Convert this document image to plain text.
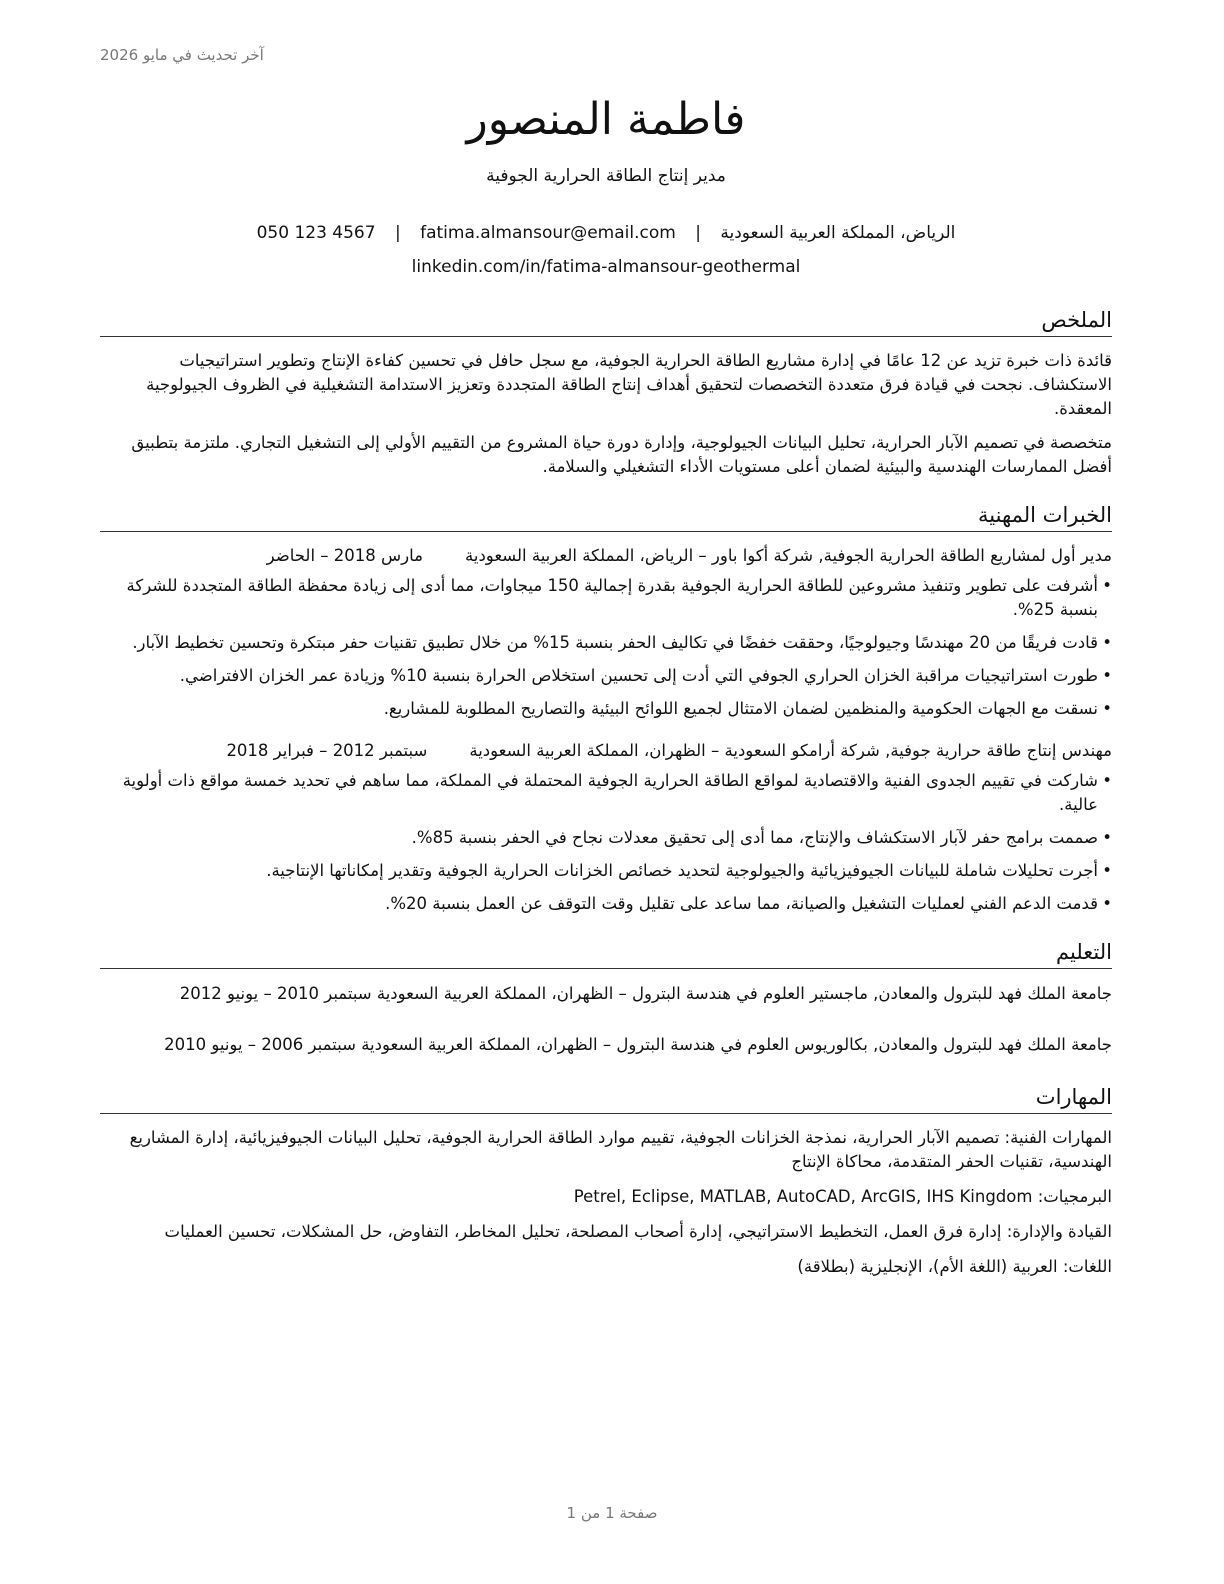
آخر تحديث في مايو 2026
فاطمة المنصور
مدير إنتاج الطاقة الحرارية الجوفية
الرياض، المملكة العربية السعودية | fatima.almansour@email.com | 050 123 4567
linkedin.com/in/fatima-almansour-geothermal
الملخص

قائدة ذات خبرة تزيد عن 12 عامًا في إدارة مشاريع الطاقة الحرارية الجوفية، مع سجل حافل في تحسين كفاءة الإنتاج وتطوير استراتيجيات الاستكشاف. نجحت في قيادة فرق متعددة التخصصات لتحقيق أهداف إنتاج الطاقة المتجددة وتعزيز الاستدامة التشغيلية في الظروف الجيولوجية المعقدة.

متخصصة في تصميم الآبار الحرارية، تحليل البيانات الجيولوجية، وإدارة دورة حياة المشروع من التقييم الأولي إلى التشغيل التجاري. ملتزمة بتطبيق أفضل الممارسات الهندسية والبيئية لضمان أعلى مستويات الأداء التشغيلي والسلامة.

الخبرات المهنية
مدير أول لمشاريع الطاقة الحرارية الجوفية, شركة أكوا باور – الرياض، المملكة العربية السعوديةمارس 2018 – الحاضر
• أشرفت على تطوير وتنفيذ مشروعين للطاقة الحرارية الجوفية بقدرة إجمالية 150 ميجاوات، مما أدى إلى زيادة محفظة الطاقة المتجددة للشركة بنسبة 25%.
• قادت فريقًا من 20 مهندسًا وجيولوجيًا، وحققت خفضًا في تكاليف الحفر بنسبة 15% من خلال تطبيق تقنيات حفر مبتكرة وتحسين تخطيط الآبار.
• طورت استراتيجيات مراقبة الخزان الحراري الجوفي التي أدت إلى تحسين استخلاص الحرارة بنسبة 10% وزيادة عمر الخزان الافتراضي.
• نسقت مع الجهات الحكومية والمنظمين لضمان الامتثال لجميع اللوائح البيئية والتصاريح المطلوبة للمشاريع.
مهندس إنتاج طاقة حرارية جوفية, شركة أرامكو السعودية – الظهران، المملكة العربية السعوديةسبتمبر 2012 – فبراير 2018
• شاركت في تقييم الجدوى الفنية والاقتصادية لمواقع الطاقة الحرارية الجوفية المحتملة في المملكة، مما ساهم في تحديد خمسة مواقع ذات أولوية عالية.
• صممت برامج حفر لآبار الاستكشاف والإنتاج، مما أدى إلى تحقيق معدلات نجاح في الحفر بنسبة 85%.
• أجرت تحليلات شاملة للبيانات الجيوفيزيائية والجيولوجية لتحديد خصائص الخزانات الحرارية الجوفية وتقدير إمكاناتها الإنتاجية.
• قدمت الدعم الفني لعمليات التشغيل والصيانة، مما ساعد على تقليل وقت التوقف عن العمل بنسبة 20%.
التعليم

جامعة الملك فهد للبترول والمعادن, ماجستير العلوم في هندسة البترول – الظهران، المملكة العربية السعودية سبتمبر 2010 – يونيو 2012

جامعة الملك فهد للبترول والمعادن, بكالوريوس العلوم في هندسة البترول – الظهران، المملكة العربية السعودية سبتمبر 2006 – يونيو 2010

المهارات

المهارات الفنية: تصميم الآبار الحرارية، نمذجة الخزانات الجوفية، تقييم موارد الطاقة الحرارية الجوفية، تحليل البيانات الجيوفيزيائية، إدارة المشاريع الهندسية، تقنيات الحفر المتقدمة، محاكاة الإنتاج

البرمجيات: Petrel, Eclipse, MATLAB, AutoCAD, ArcGIS, IHS Kingdom

القيادة والإدارة: إدارة فرق العمل، التخطيط الاستراتيجي، إدارة أصحاب المصلحة، تحليل المخاطر، التفاوض، حل المشكلات، تحسين العمليات

اللغات: العربية (اللغة الأم)، الإنجليزية (بطلاقة)

صفحة 1 من 1
